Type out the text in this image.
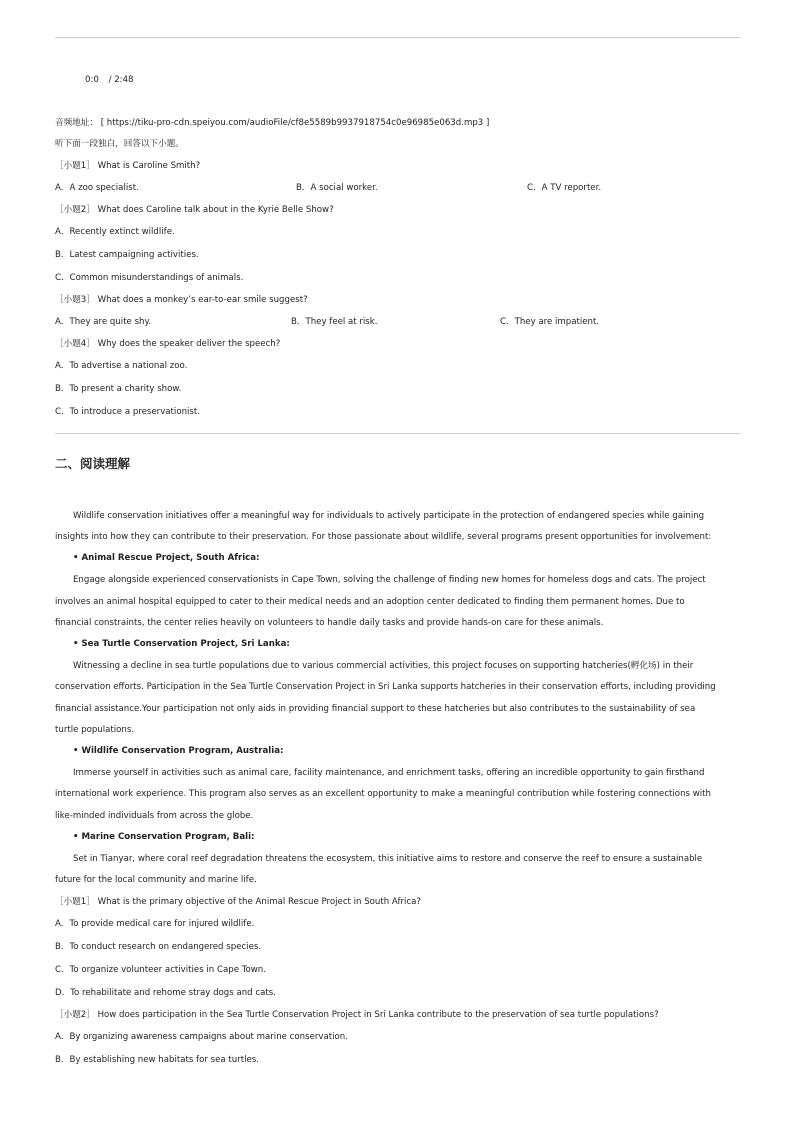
0:0 / 2:48
音频地址： [ https://tiku-pro-cdn.speiyou.com/audioFile/cf8e5589b9937918754c0e96985e063d.mp3 ]
听下面一段独白，回答以下小题。
［小题1］ What is Caroline Smith?
A．A zoo specialist.	B．A social worker.	C．A TV reporter.
［小题2］ What does Caroline talk about in the Kyrie Belle Show?
A．Recently extinct wildlife.
B．Latest campaigning activities.
C．Common misunderstandings of animals.
［小题3］ What does a monkey’s ear-to-ear smile suggest?
A．They are quite shy.	B．They feel at risk.	C．They are impatient.
［小题4］ Why does the speaker deliver the speech?
A．To advertise a national zoo.
B．To present a charity show.
C．To introduce a preservationist.
二、阅读理解
Wildlife conservation initiatives offer a meaningful way for individuals to actively participate in the protection of endangered species while gaining
insights into how they can contribute to their preservation. For those passionate about wildlife, several programs present opportunities for involvement:
• Animal Rescue Project, South Africa:
Engage alongside experienced conservationists in Cape Town, solving the challenge of finding new homes for homeless dogs and cats. The project
involves an animal hospital equipped to cater to their medical needs and an adoption center dedicated to finding them permanent homes. Due to
financial constraints, the center relies heavily on volunteers to handle daily tasks and provide hands-on care for these animals.
• Sea Turtle Conservation Project, Sri Lanka:
Witnessing a decline in sea turtle populations due to various commercial activities, this project focuses on supporting hatcheries(孵化场) in their
conservation efforts. Participation in the Sea Turtle Conservation Project in Sri Lanka supports hatcheries in their conservation efforts, including providing
financial assistance.Your participation not only aids in providing financial support to these hatcheries but also contributes to the sustainability of sea
turtle populations.
• Wildlife Conservation Program, Australia:
Immerse yourself in activities such as animal care, facility maintenance, and enrichment tasks, offering an incredible opportunity to gain firsthand
international work experience. This program also serves as an excellent opportunity to make a meaningful contribution while fostering connections with
like-minded individuals from across the globe.
• Marine Conservation Program, Bali:
Set in Tianyar, where coral reef degradation threatens the ecosystem, this initiative aims to restore and conserve the reef to ensure a sustainable
future for the local community and marine life.
［小题1］ What is the primary objective of the Animal Rescue Project in South Africa?
A．To provide medical care for injured wildlife.
B．To conduct research on endangered species.
C．To organize volunteer activities in Cape Town.
D．To rehabilitate and rehome stray dogs and cats.
［小题2］ How does participation in the Sea Turtle Conservation Project in Sri Lanka contribute to the preservation of sea turtle populations?
A．By organizing awareness campaigns about marine conservation.
B．By establishing new habitats for sea turtles.
